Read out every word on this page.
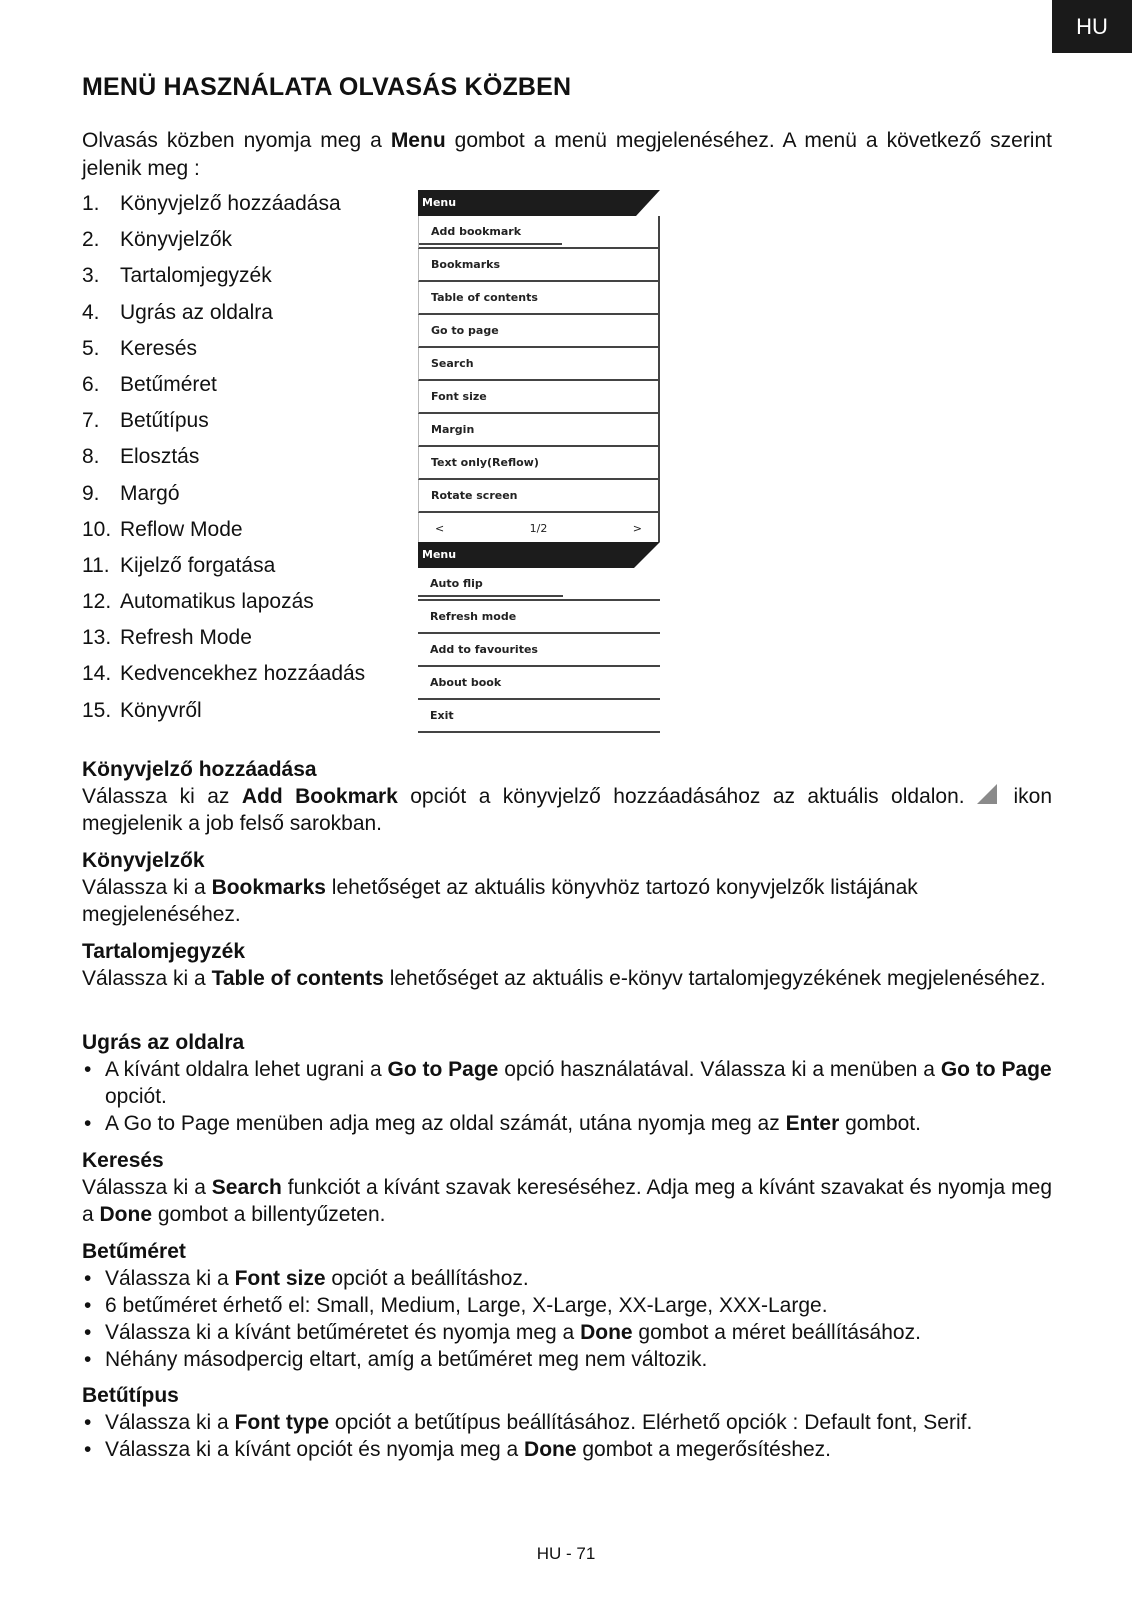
HU
MENÜ HASZNÁLATA OLVASÁS KÖZBEN

Olvasás közben nyomja meg a Menu gombot a menü megjelenéséhez. A menü a következő szerint jelenik meg :

1. Könyvjelző hozzáadása
2. Könyvjelzők
3. Tartalomjegyzék
4. Ugrás az oldalra
5. Keresés
6. Betűméret
7. Betűtípus
8. Elosztás
9. Margó
10. Reflow Mode
11. Kijelző forgatása
12. Automatikus lapozás
13. Refresh Mode
14. Kedvencekhez hozzáadás
15. Könyvről
Menu
Add bookmark
Bookmarks
Table of contents
Go to page
Search
Font size
Margin
Text only(Reflow)
Rotate screen
<	1/2	>
Menu
Auto flip
Refresh mode
Add to favourites
About book
Exit
Könyvjelző hozzáadása

Válassza ki az Add Bookmark opciót a könyvjelző hozzáadásához az aktuális oldalon.  ikon megjelenik a job felső sarokban.

Könyvjelzők

Válassza ki a Bookmarks lehetőséget az aktuális könyvhöz tartozó konyvjelzők listájának megjelenéséhez.

Tartalomjegyzék

Válassza ki a Table of contents lehetőséget az aktuális e-könyv tartalomjegyzékének megjelenéséhez.

Ugrás az oldalra
• A kívánt oldalra lehet ugrani a Go to Page opció használatával. Válassza ki a menüben a Go to Page opciót.
• A Go to Page menüben adja meg az oldal számát, utána nyomja meg az Enter gombot.
Keresés

Válassza ki a Search funkciót a kívánt szavak kereséséhez. Adja meg a kívánt szavakat és nyomja meg a Done gombot a billentyűzeten.

Betűméret
• Válassza ki a Font size opciót a beállításhoz.
• 6 betűméret érhető el: Small, Medium, Large, X-Large, XX-Large, XXX-Large.
• Válassza ki a kívánt betűméretet és nyomja meg a Done gombot a méret beállításához.
• Néhány másodpercig eltart, amíg a betűméret meg nem változik.
Betűtípus
• Válassza ki a Font type opciót a betűtípus beállításához. Elérhető opciók : Default font, Serif.
• Válassza ki a kívánt opciót és nyomja meg a Done gombot a megerősítéshez.
HU - 71
